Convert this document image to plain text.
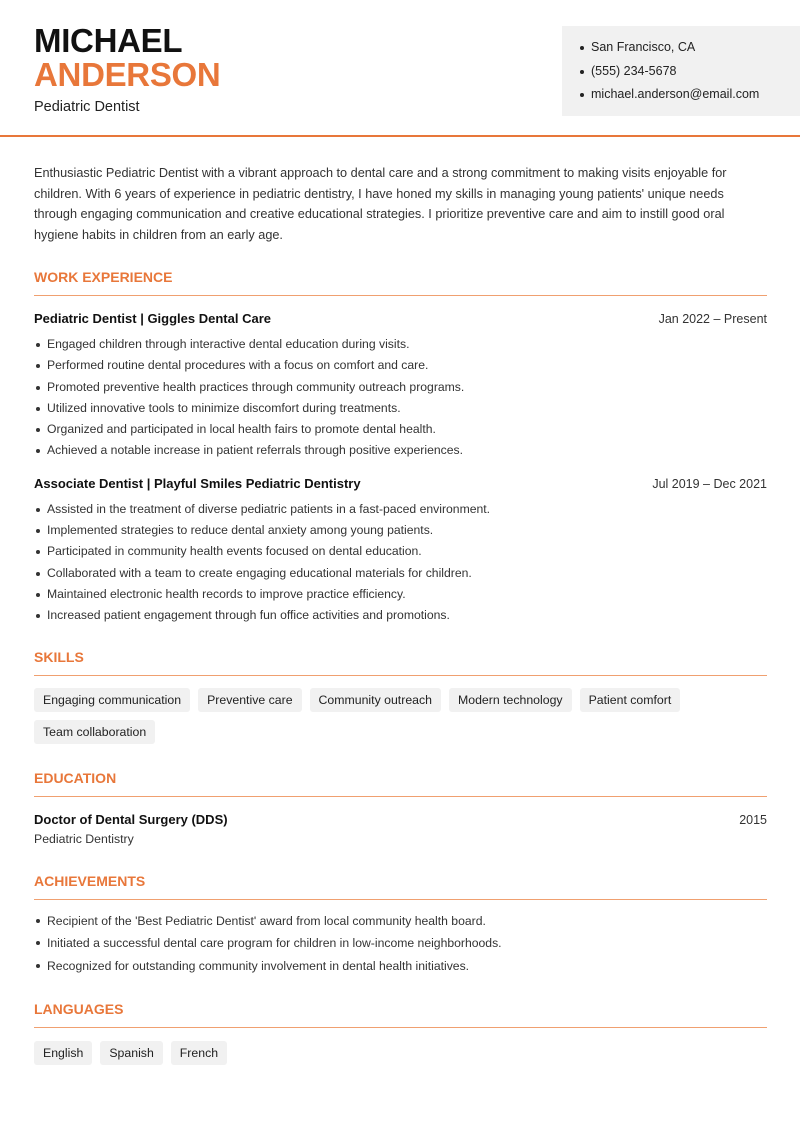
MICHAEL
ANDERSON
Pediatric Dentist
San Francisco, CA
(555) 234-5678
michael.anderson@email.com

Enthusiastic Pediatric Dentist with a vibrant approach to dental care and a strong commitment to making visits enjoyable for children. With 6 years of experience in pediatric dentistry, I have honed my skills in managing young patients' unique needs through engaging communication and creative educational strategies. I prioritize preventive care and aim to instill good oral hygiene habits in children from an early age.

WORK EXPERIENCE
Pediatric Dentist | Giggles Dental Care	Jan 2022 – Present
Engaged children through interactive dental education during visits.
Performed routine dental procedures with a focus on comfort and care.
Promoted preventive health practices through community outreach programs.
Utilized innovative tools to minimize discomfort during treatments.
Organized and participated in local health fairs to promote dental health.
Achieved a notable increase in patient referrals through positive experiences.
Associate Dentist | Playful Smiles Pediatric Dentistry	Jul 2019 – Dec 2021
Assisted in the treatment of diverse pediatric patients in a fast-paced environment.
Implemented strategies to reduce dental anxiety among young patients.
Participated in community health events focused on dental education.
Collaborated with a team to create engaging educational materials for children.
Maintained electronic health records to improve practice efficiency.
Increased patient engagement through fun office activities and promotions.
SKILLS
Engaging communication	Preventive care	Community outreach	Modern technology	Patient comfort
Team collaboration
EDUCATION
Doctor of Dental Surgery (DDS)	2015
Pediatric Dentistry
ACHIEVEMENTS
Recipient of the 'Best Pediatric Dentist' award from local community health board.
Initiated a successful dental care program for children in low-income neighborhoods.
Recognized for outstanding community involvement in dental health initiatives.
LANGUAGES
English	Spanish	French
